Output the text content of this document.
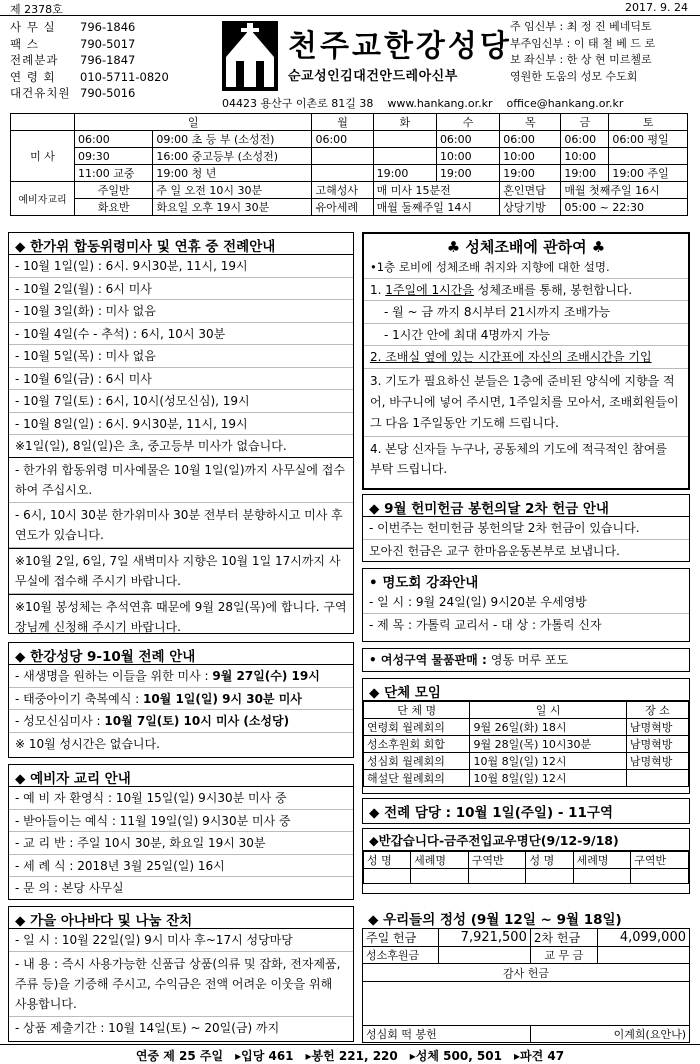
제 2378호	2017. 9. 24
사 무 실 796-1846
팩 스	790-5017
전례분과 796-1847
연 령 회 010-5711-0820
대건유치원 790-5016
천주교한강성당
순교성인김대건안드레아신부
주 임신부 : 최 정 진 베네딕토
부주임신부 : 이 태 철 베 드 로
보 좌신부 : 한 상 현 미르첼로
영원한 도움의 성모 수도회
04423 용산구 이촌로 81길 38 www.hankang.or.kr office@hankang.or.kr
	일		월	화	수	목	금	토
미 사	06:00	09:00 초 등 부 (소성전)	06:00		06:00	06:00	06:00	06:00 평일
	09:30	16:00 중고등부 (소성전)			10:00	10:00	10:00	
	11:00 교중	19:00 청 년		19:00	19:00	19:00	19:00	19:00 주일
예비자교리	주일반	주 일 오전 10시 30분	고해성사	매 미사 15분전		혼인면담	매월 첫째주일 16시	
	화요반	화요일 오후 19시 30분	유아세례	매월 둘째주일 14시		상당기방	05:00 ~ 22:30	
◆ 한가위 합동위령미사 및 연휴 중 전례안내
- 10월 1일(일) : 6시. 9시30분, 11시, 19시
- 10월 2일(월) : 6시 미사
- 10월 3일(화) : 미사 없음
- 10월 4일(수 - 추석) : 6시, 10시 30분
- 10월 5일(목) : 미사 없음
- 10월 6일(금) : 6시 미사
- 10월 7일(토) : 6시, 10시(성모신심), 19시
- 10월 8일(일) : 6시. 9시30분, 11시, 19시
※1일(일), 8일(일)은 초, 중고등부 미사가 없습니다.
- 한가위 합동위령 미사예물은 10월 1일(일)까지 사무실에 접수하여 주십시오.
- 6시, 10시 30분 한가위미사 30분 전부터 분향하시고 미사 후 연도가 있습니다.
※10월 2일, 6일, 7일 새벽미사 지향은 10월 1일 17시까지 사무실에 접수해 주시기 바랍니다.
※10월 봉성체는 추석연휴 때문에 9월 28일(목)에 합니다. 구역장님께 신청해 주시기 바랍니다.
◆ 한강성당 9-10월 전례 안내
- 새생명을 원하는 이들을 위한 미사 : 9월 27일(수) 19시
- 태중아이기 축복예식 : 10월 1일(일) 9시 30분 미사
- 성모신심미사 : 10월 7일(토) 10시 미사 (소성당)
※ 10월 성시간은 없습니다.
◆ 예비자 교리 안내
- 예 비 자 환영식 : 10월 15일(일) 9시30분 미사 중
- 받아들이는 예식 : 11월 19일(일) 9시30분 미사 중
- 교 리 반 : 주일 10시 30분, 화요일 19시 30분
- 세 례 식 : 2018년 3월 25일(일) 16시
- 문 의 : 본당 사무실
◆ 가을 아나바다 및 나눔 잔치
- 일 시 : 10월 22일(일) 9시 미사 후~17시 성당마당
- 내 용 : 즉시 사용가능한 신품급 상품(의류 및 잡화, 전자제품, 주류 등)을 기증해 주시고, 수익금은 전액 어려운 이웃을 위해 사용합니다.
- 상품 제출기간 : 10월 14일(토) ~ 20일(금) 까지
♣ 성체조배에 관하여 ♣
•1층 로비에 성체조배 취지와 지향에 대한 설명.
1. 1주일에 1시간을 성체조배를 통해, 봉헌합니다.
- 월 ~ 금 까지 8시부터 21시까지 조배가능
- 1시간 안에 최대 4명까지 가능
2. 조배실 옆에 있는 시간표에 자신의 조배시간을 기입
3. 기도가 필요하신 분들은 1층에 준비된 양식에 지향을 적어, 바구니에 넣어 주시면, 1주일치를 모아서, 조배회원들이 그 다음 1주일동안 기도해 드립니다.
4. 본당 신자들 누구나, 공동체의 기도에 적극적인 참여를 부탁 드립니다.
◆ 9월 헌미헌금 봉헌의달 2차 헌금 안내
- 이번주는 헌미헌금 봉헌의달 2차 헌금이 있습니다.
모아진 헌금은 교구 한마음운동본부로 보냅니다.
• 명도회 강좌안내
- 일 시 : 9월 24일(일) 9시20분 우세영방
- 제 목 : 가톨릭 교리서 - 대 상 : 가톨릭 신자
• 여성구역 물품판매 : 영동 머루 포도
◆ 단체 모임
단 체 명	일 시	장 소
연령회 월례회의	9월 26일(화) 18시	남명혁방
성소후원회 회합	9월 28일(목) 10시30분	남명혁방
성심회 월례회의	10월 8일(일) 12시	남명혁방
해설단 월례회의	10월 8일(일) 12시	
◆ 전례 담당 : 10월 1일(주일) - 11구역
◆반갑습니다-금주전입교우명단(9/12-9/18)
성 명	세례명	구역반	성 명	세례명	구역반

◆ 우리들의 정성 (9월 12일 ~ 9월 18일)
주일 헌금	7,921,500	2차 헌금	4,099,000
성소후원금		교 무 금	
감사 헌금			

성심회 떡 봉헌		이계희(요안나)	
연중 제 25 주일 ▸입당 461 ▸봉헌 221, 220 ▸성체 500, 501 ▸파견 47
